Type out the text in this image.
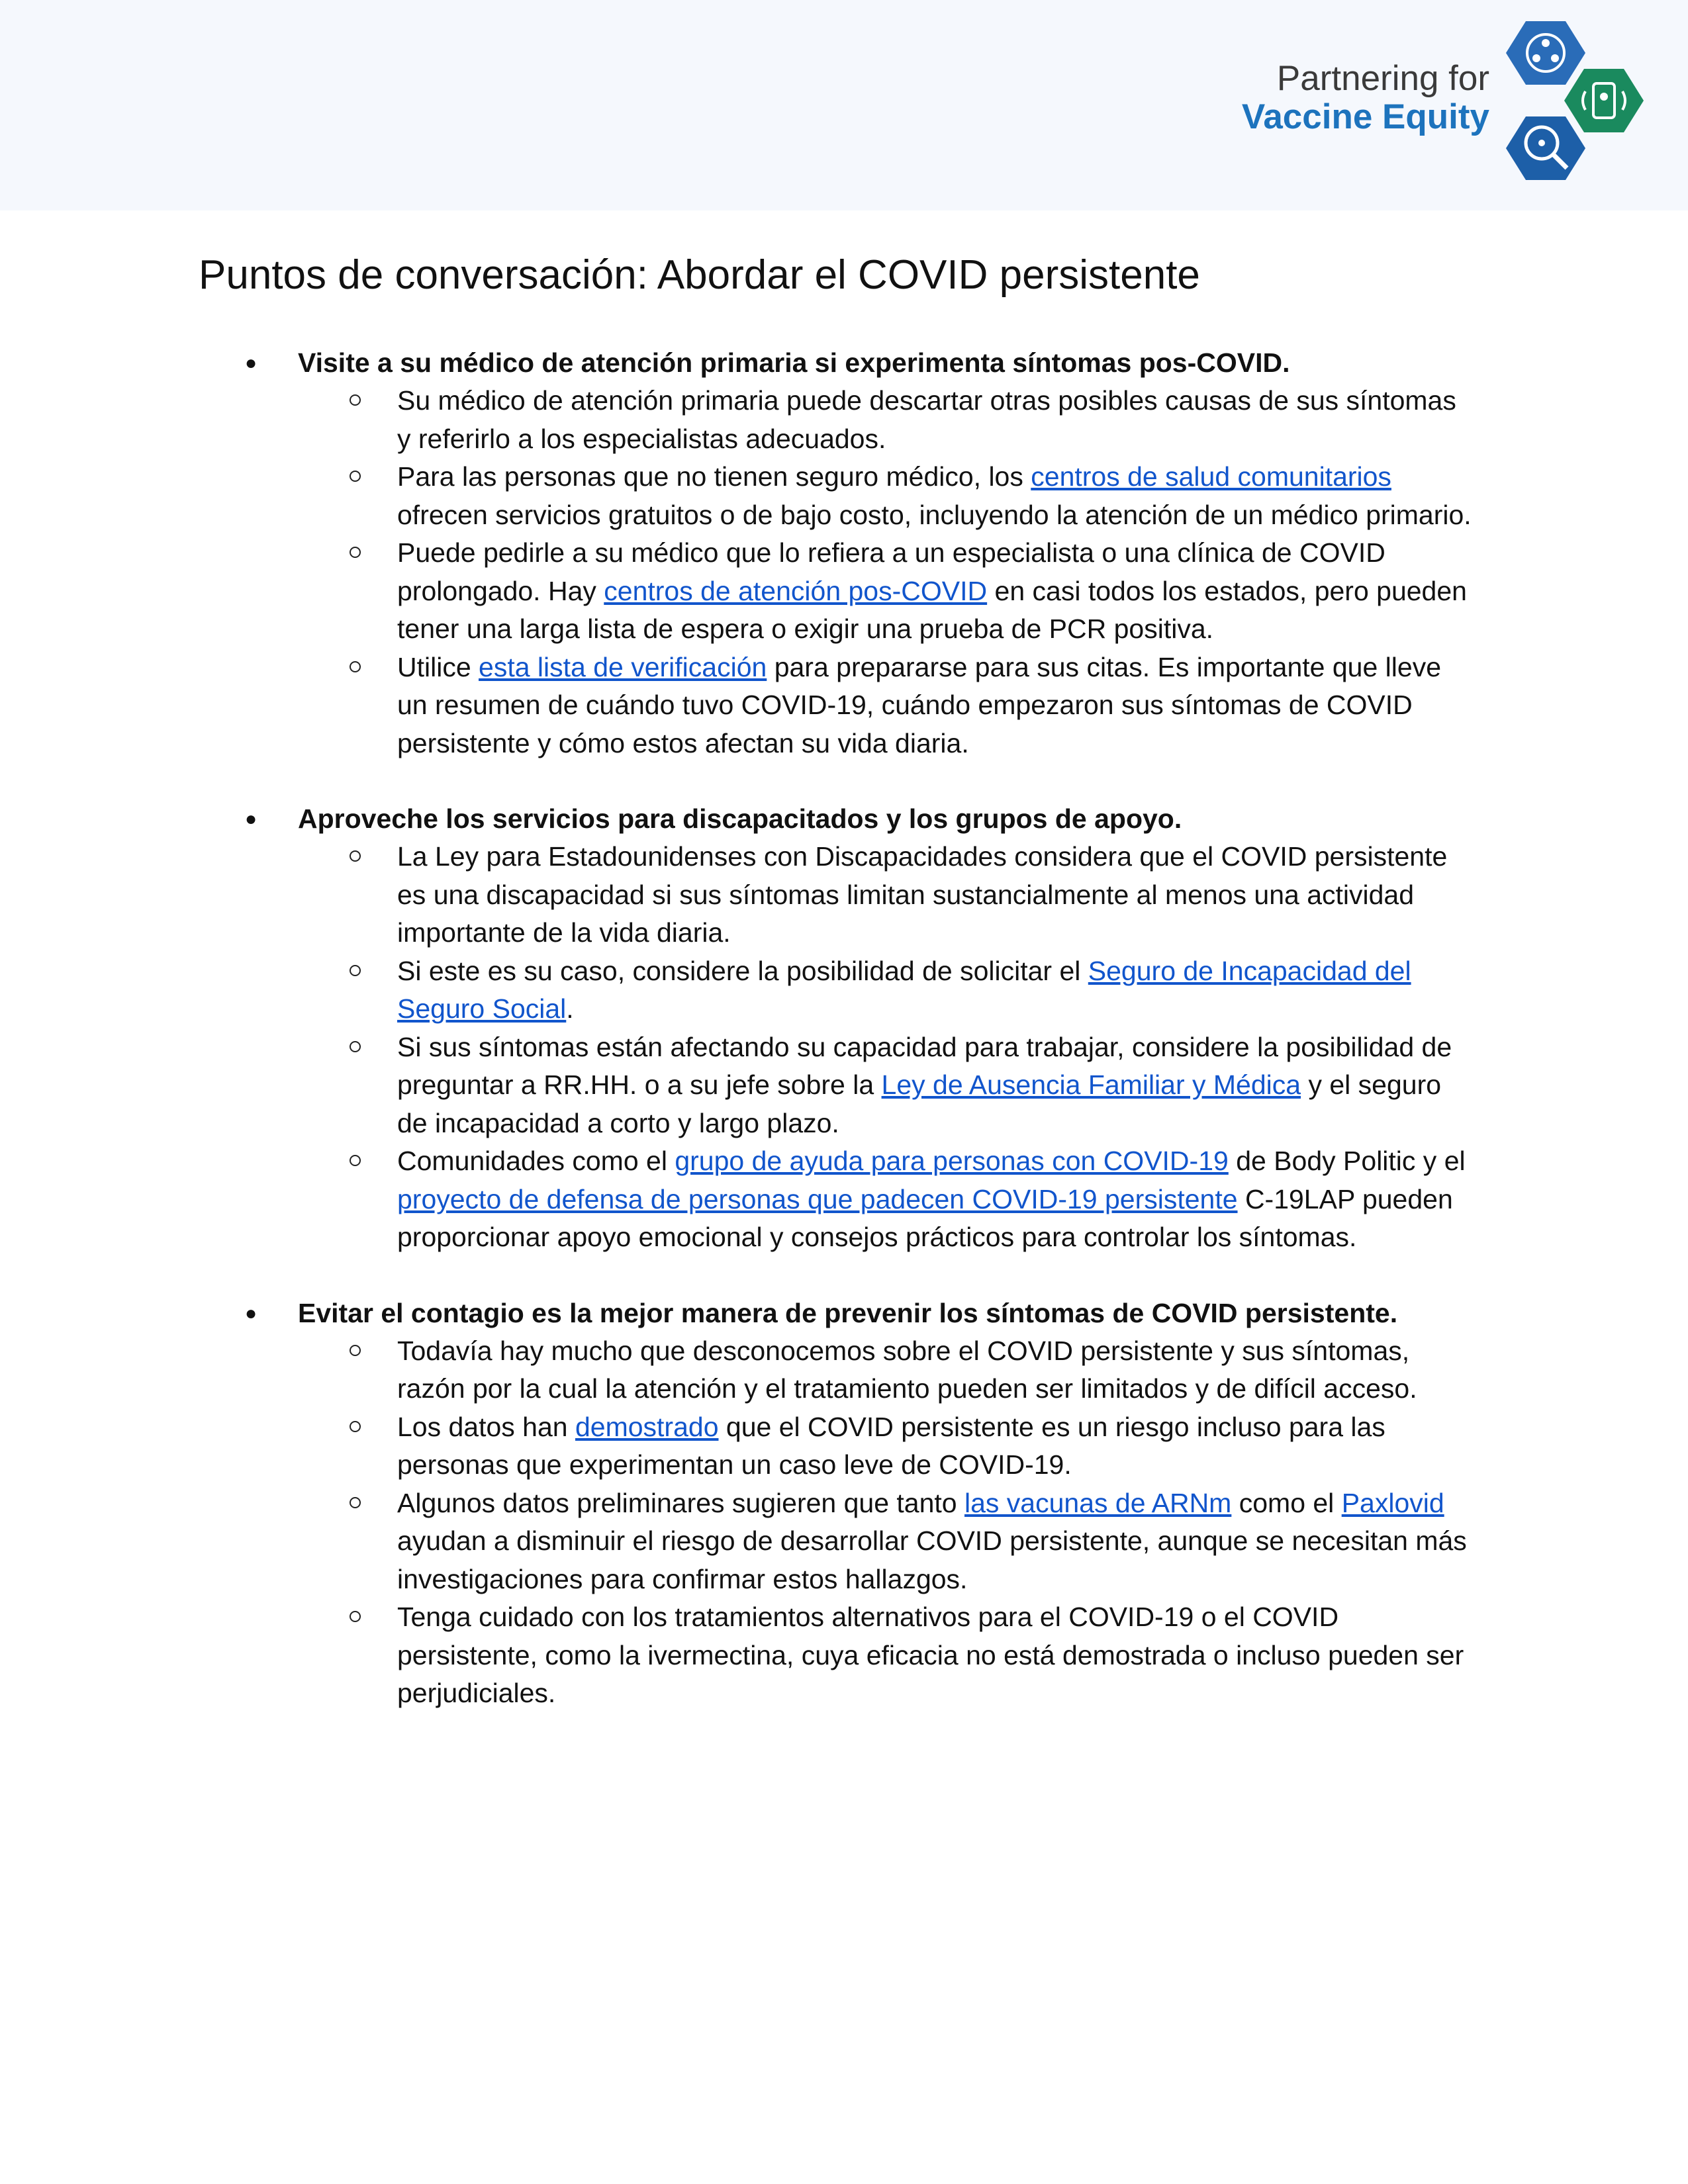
Partnering for
Vaccine Equity
Puntos de conversación: Abordar el COVID persistente
● Visite a su médico de atención primaria si experimenta síntomas pos-COVID.
Su médico de atención primaria puede descartar otras posibles causas de sus síntomas y referirlo a los especialistas adecuados.
Para las personas que no tienen seguro médico, los centros de salud comunitarios ofrecen servicios gratuitos o de bajo costo, incluyendo la atención de un médico primario.
Puede pedirle a su médico que lo refiera a un especialista o una clínica de COVID prolongado. Hay centros de atención pos-COVID en casi todos los estados, pero pueden tener una larga lista de espera o exigir una prueba de PCR positiva.
Utilice esta lista de verificación para prepararse para sus citas. Es importante que lleve un resumen de cuándo tuvo COVID-19, cuándo empezaron sus síntomas de COVID persistente y cómo estos afectan su vida diaria.
● Aproveche los servicios para discapacitados y los grupos de apoyo.
La Ley para Estadounidenses con Discapacidades considera que el COVID persistente es una discapacidad si sus síntomas limitan sustancialmente al menos una actividad importante de la vida diaria.
Si este es su caso, considere la posibilidad de solicitar el Seguro de Incapacidad del Seguro Social.
Si sus síntomas están afectando su capacidad para trabajar, considere la posibilidad de preguntar a RR.HH. o a su jefe sobre la Ley de Ausencia Familiar y Médica y el seguro de incapacidad a corto y largo plazo.
Comunidades como el grupo de ayuda para personas con COVID-19 de Body Politic y el proyecto de defensa de personas que padecen COVID-19 persistente C-19LAP pueden proporcionar apoyo emocional y consejos prácticos para controlar los síntomas.
● Evitar el contagio es la mejor manera de prevenir los síntomas de COVID persistente.
Todavía hay mucho que desconocemos sobre el COVID persistente y sus síntomas, razón por la cual la atención y el tratamiento pueden ser limitados y de difícil acceso.
Los datos han demostrado que el COVID persistente es un riesgo incluso para las personas que experimentan un caso leve de COVID-19.
Algunos datos preliminares sugieren que tanto las vacunas de ARNm como el Paxlovid ayudan a disminuir el riesgo de desarrollar COVID persistente, aunque se necesitan más investigaciones para confirmar estos hallazgos.
Tenga cuidado con los tratamientos alternativos para el COVID-19 o el COVID persistente, como la ivermectina, cuya eficacia no está demostrada o incluso pueden ser perjudiciales.
